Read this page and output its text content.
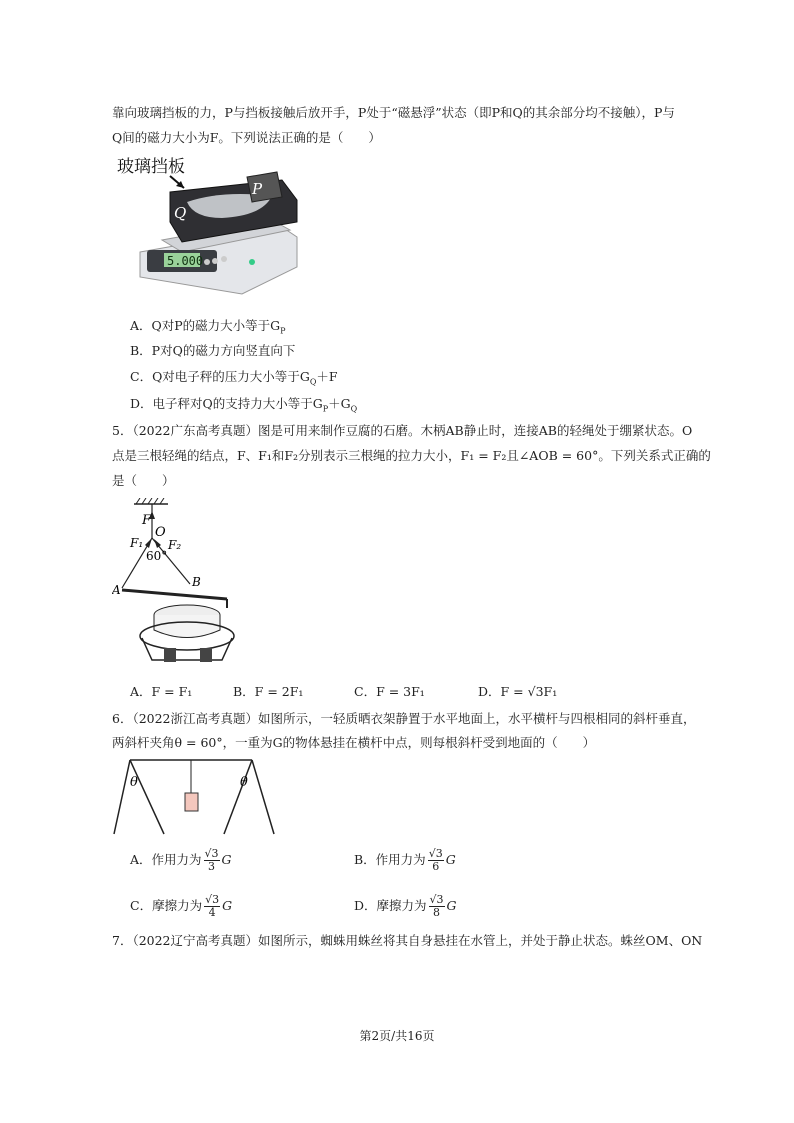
靠向玻璃挡板的力，P与挡板接触后放开手，P处于“磁悬浮”状态（即P和Q的其余部分均不接触），P与
Q间的磁力大小为F。下列说法正确的是（　　）
玻璃挡板
5.000
P
Q
A．Q对P的磁力大小等于$G_P$
B．P对Q的磁力方向竖直向下
C．Q对电子秤的压力大小等于$G_Q+F$
D．电子秤对Q的支持力大小等于$G_P+G_Q$
5．（2022广东高考真题）图是可用来制作豆腐的石磨。木柄AB静止时，连接AB的轻绳处于绷紧状态。O
点是三根轻绳的结点，F、F₁和F₂分别表示三根绳的拉力大小，F₁ = F₂且∠AOB = 60°。下列关系式正确的
是（　　）
F
O
F₁ F₂
60°
A
B
A．F = F₁	B．F = 2F₁	C．F = 3F₁	D．F = √3F₁
6．（2022浙江高考真题）如图所示，一轻质晒衣架静置于水平地面上，水平横杆与四根相同的斜杆垂直，
两斜杆夹角θ = 60°，一重为G的物体悬挂在横杆中点，则每根斜杆受到地面的（　　）
θ	θ
A．作用力为 $\frac{√3}{3}$ G	B．作用力为 $\frac{√3}{6}$ G
C．摩擦力为 $\frac{√3}{4}$ G	D．摩擦力为 $\frac{√3}{8}$ G
7．（2022辽宁高考真题）如图所示，蜘蛛用蛛丝将其自身悬挂在水管上，并处于静止状态。蛛丝OM、ON
第2页/共16页
